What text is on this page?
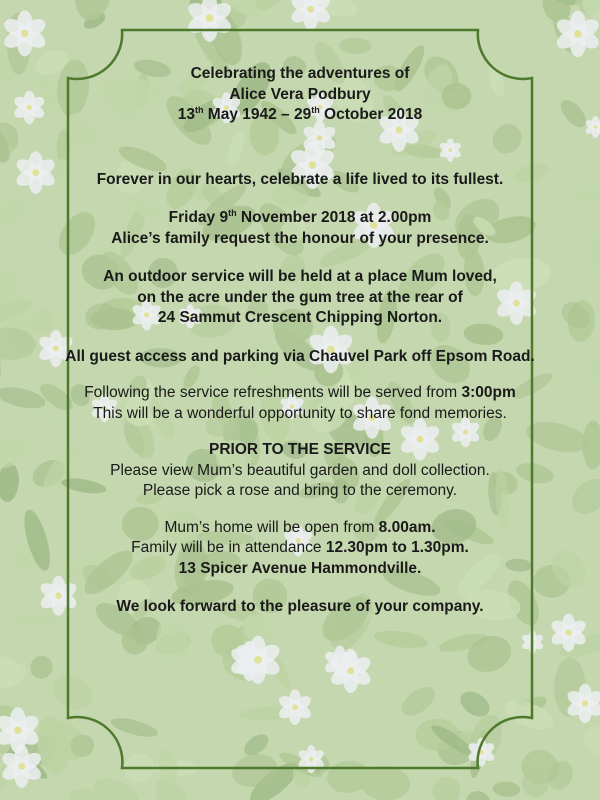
Celebrating the adventures of

Alice Vera Podbury

13th May 1942 – 29th October 2018

Forever in our hearts, celebrate a life lived to its fullest.

Friday 9th November 2018 at 2.00pm

Alice’s family request the honour of your presence.

An outdoor service will be held at a place Mum loved,

on the acre under the gum tree at the rear of

24 Sammut Crescent Chipping Norton.

All guest access and parking via Chauvel Park off Epsom Road.

Following the service refreshments will be served from 3:00pm

This will be a wonderful opportunity to share fond memories.

PRIOR TO THE SERVICE

Please view Mum’s beautiful garden and doll collection.

Please pick a rose and bring to the ceremony.

Mum’s home will be open from 8.00am.

Family will be in attendance 12.30pm to 1.30pm.

13 Spicer Avenue Hammondville.

We look forward to the pleasure of your company.
